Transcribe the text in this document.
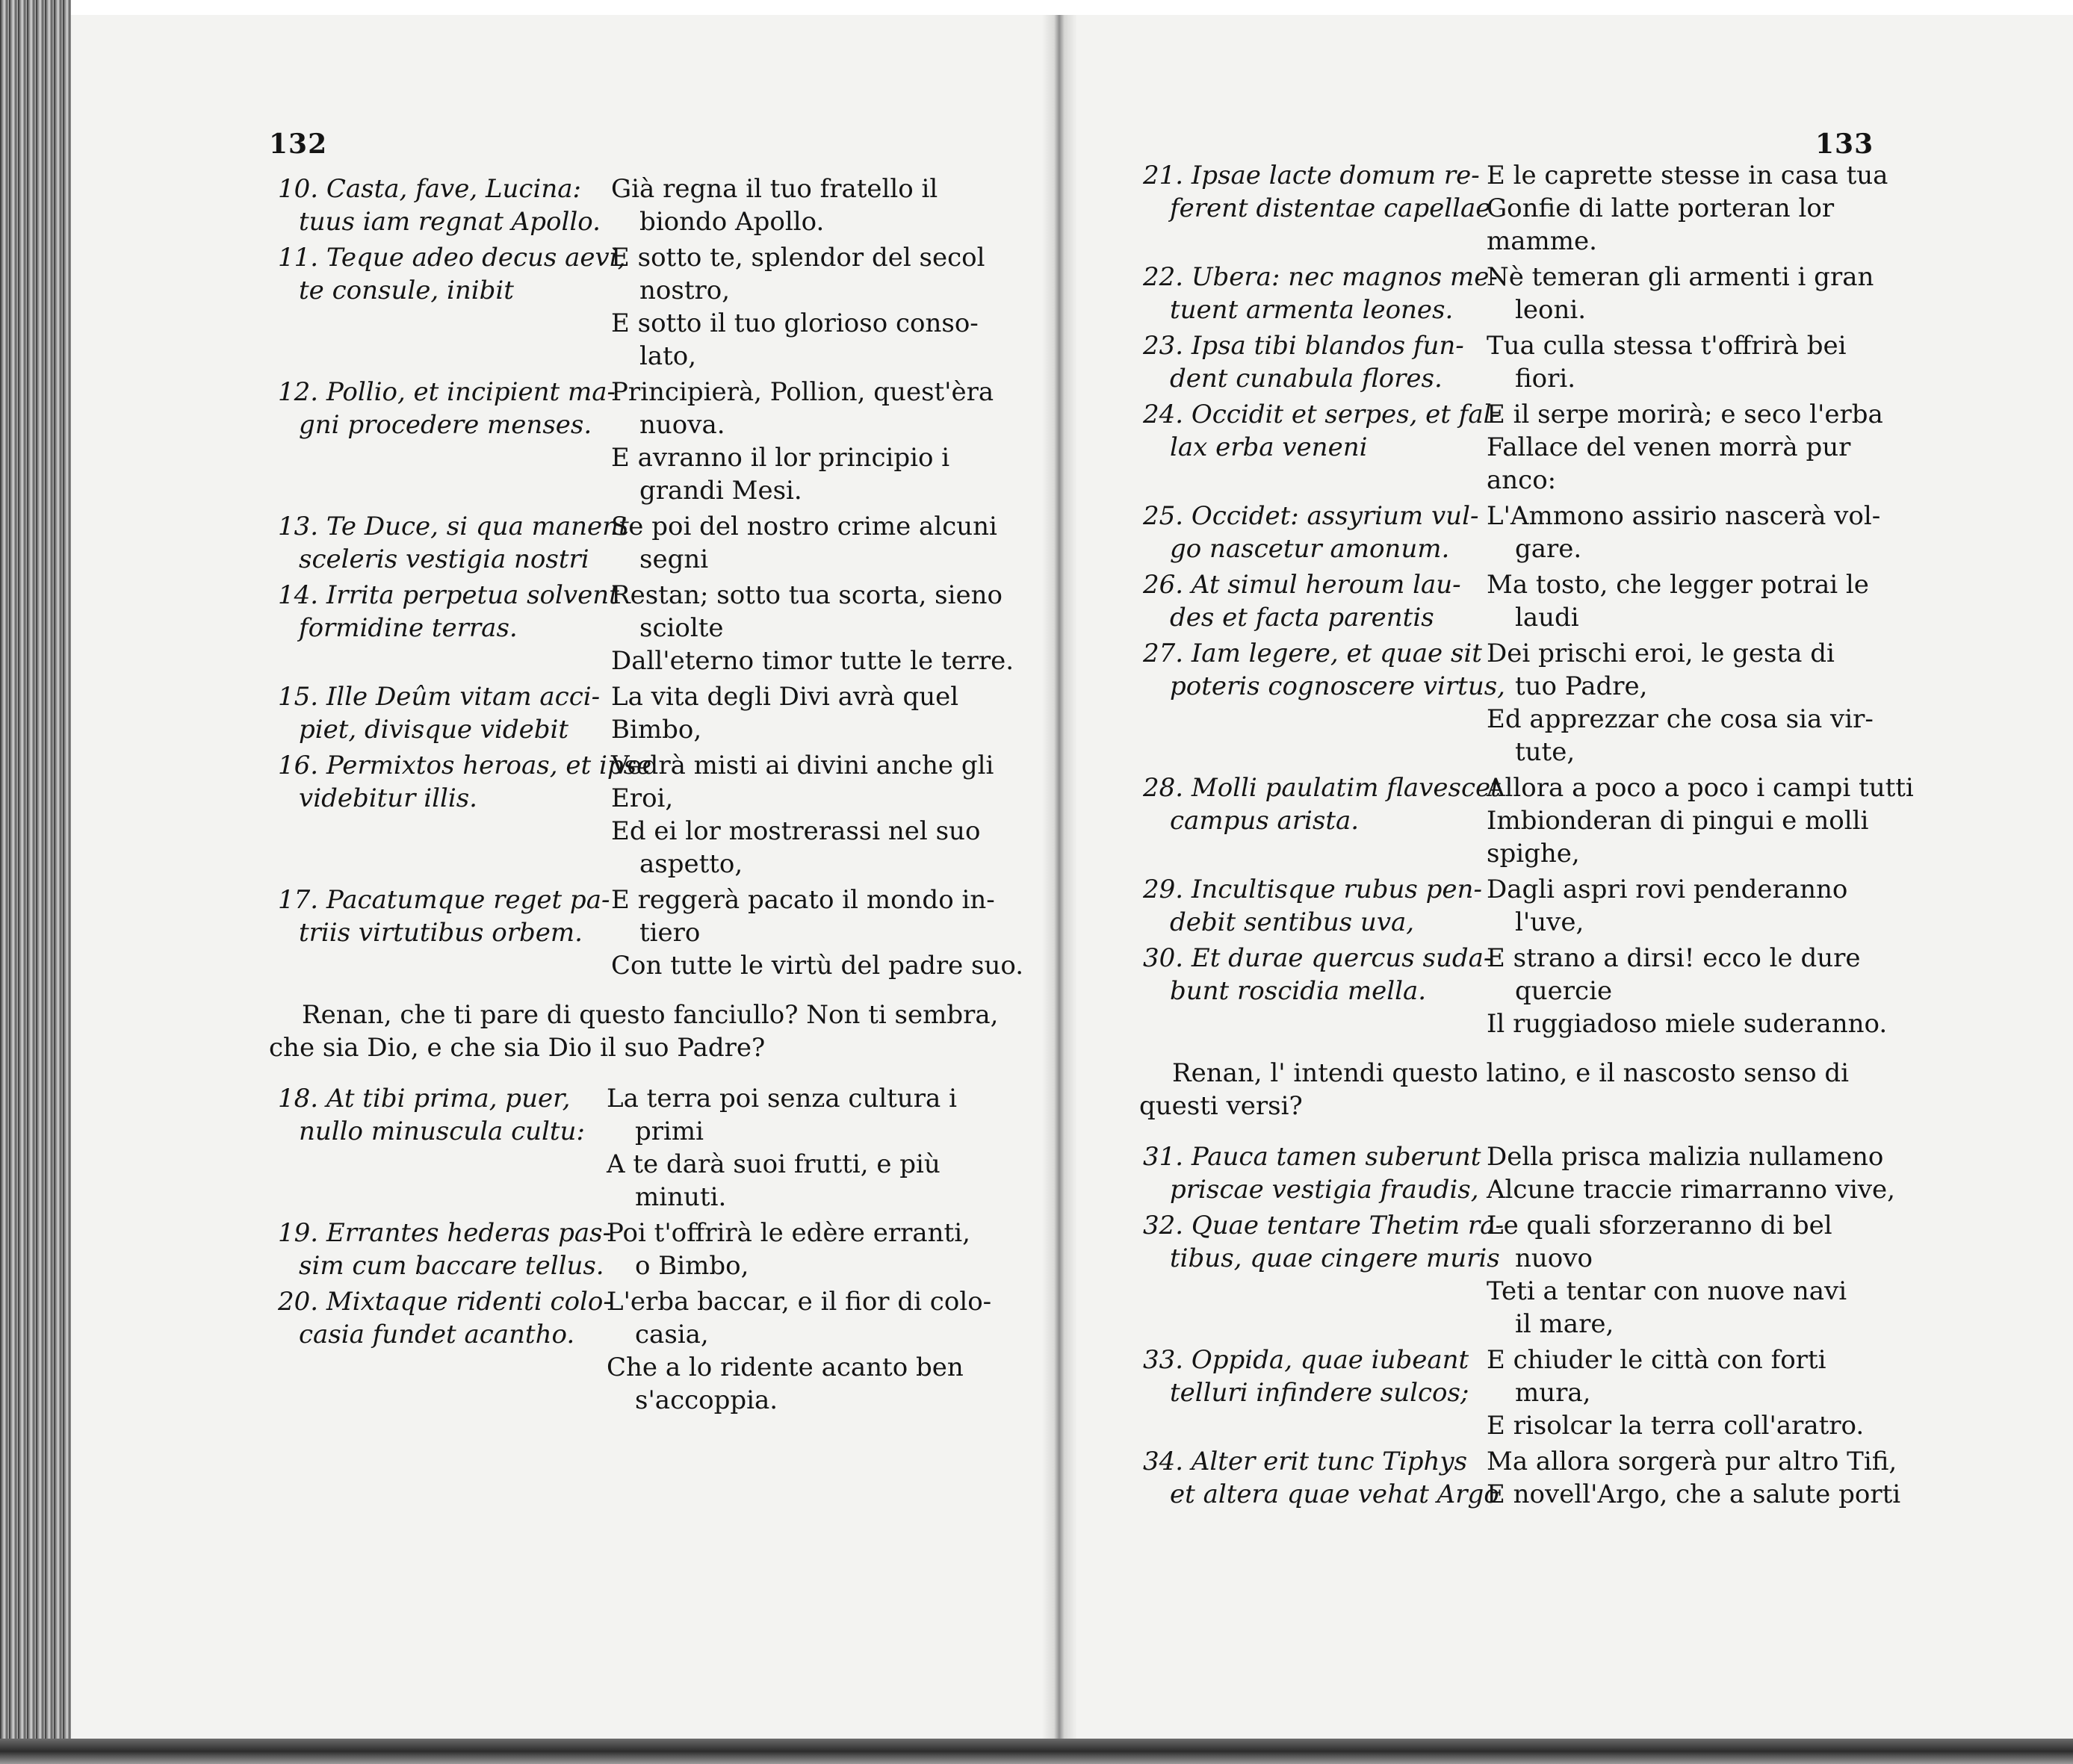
132	133
10. Casta, fave, Lucina:
tuus iam regnat Apollo.
Già regna il tuo fratello il
biondo Apollo.
11. Teque adeo decus aevi,
te consule, inibit
E sotto te, splendor del secol
nostro,
E sotto il tuo glorioso conso-
lato,
12. Pollio, et incipient ma-
gni procedere menses.
Principierà, Pollion, quest'èra
nuova.
E avranno il lor principio i
grandi Mesi.
13. Te Duce, si qua manent
sceleris vestigia nostri
Se poi del nostro crime alcuni
segni
14. Irrita perpetua solvent
formidine terras.
Restan; sotto tua scorta, sieno
sciolte
Dall'eterno timor tutte le terre.
15. Ille Deûm vitam acci-
piet, divisque videbit
La vita degli Divi avrà quel
Bimbo,
16. Permixtos heroas, et ipse
videbitur illis.
Vedrà misti ai divini anche gli
Eroi,
Ed ei lor mostrerassi nel suo
aspetto,
17. Pacatumque reget pa-
triis virtutibus orbem.
E reggerà pacato il mondo in-
tiero
Con tutte le virtù del padre suo.
Renan, che ti pare di questo fanciullo? Non ti sembra,
che sia Dio, e che sia Dio il suo Padre?
18. At tibi prima, puer,
nullo minuscula cultu:
La terra poi senza cultura i
primi
A te darà suoi frutti, e più
minuti.
19. Errantes hederas pas-
sim cum baccare tellus.
Poi t'offrirà le edère erranti,
o Bimbo,
20. Mixtaque ridenti colo-
casia fundet acantho.
L'erba baccar, e il fior di colo-
casia,
Che a lo ridente acanto ben
s'accoppia.
21. Ipsae lacte domum re-
ferent distentae capellae
E le caprette stesse in casa tua
Gonfie di latte porteran lor
mamme.
22. Ubera: nec magnos me-
tuent armenta leones.
Nè temeran gli armenti i gran
leoni.
23. Ipsa tibi blandos fun-
dent cunabula flores.
Tua culla stessa t'offrirà bei
fiori.
24. Occidit et serpes, et fal-
lax erba veneni
E il serpe morirà; e seco l'erba
Fallace del venen morrà pur
anco:
25. Occidet: assyrium vul-
go nascetur amonum.
L'Ammono assirio nascerà vol-
gare.
26. At simul heroum lau-
des et facta parentis
Ma tosto, che legger potrai le
laudi
27. Iam legere, et quae sit
poteris cognoscere virtus,
Dei prischi eroi, le gesta di
tuo Padre,
Ed apprezzar che cosa sia vir-
tute,
28. Molli paulatim flavescet
campus arista.
Allora a poco a poco i campi tutti
Imbionderan di pingui e molli
spighe,
29. Incultisque rubus pen-
debit sentibus uva,
Dagli aspri rovi penderanno
l'uve,
30. Et durae quercus suda-
bunt roscidia mella.
E strano a dirsi! ecco le dure
quercie
Il ruggiadoso miele suderanno.
Renan, l' intendi questo latino, e il nascosto senso di
questi versi?
31. Pauca tamen suberunt
priscae vestigia fraudis,
Della prisca malizia nullameno
Alcune traccie rimarranno vive,
32. Quae tentare Thetim ra-
tibus, quae cingere muris
Le quali sforzeranno di bel
nuovo
Teti a tentar con nuove navi
il mare,
33. Oppida, quae iubeant
telluri infindere sulcos;
E chiuder le città con forti
mura,
E risolcar la terra coll'aratro.
34. Alter erit tunc Tiphys
et altera quae vehat Argo
Ma allora sorgerà pur altro Tifi,
E novell'Argo, che a salute porti
